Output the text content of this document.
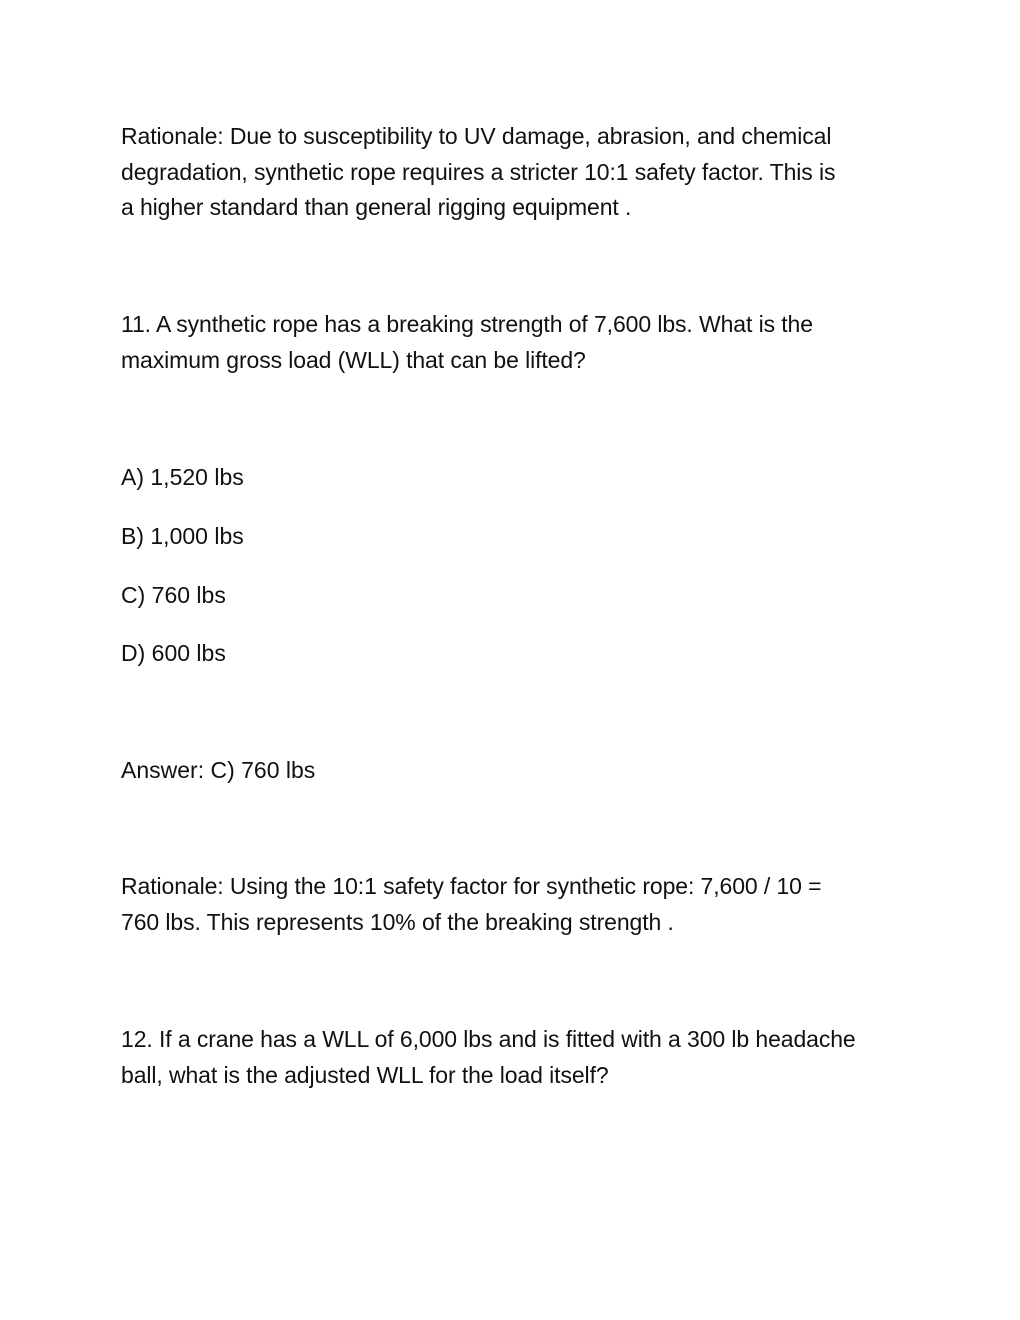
Rationale: Due to susceptibility to UV damage, abrasion, and chemical
degradation, synthetic rope requires a stricter 10:1 safety factor. This is
a higher standard than general rigging equipment .

11. A synthetic rope has a breaking strength of 7,600 lbs. What is the
maximum gross load (WLL) that can be lifted?

A) 1,520 lbs

B) 1,000 lbs

C) 760 lbs

D) 600 lbs

Answer: C) 760 lbs

Rationale: Using the 10:1 safety factor for synthetic rope: 7,600 / 10 =
760 lbs. This represents 10% of the breaking strength .

12. If a crane has a WLL of 6,000 lbs and is fitted with a 300 lb headache
ball, what is the adjusted WLL for the load itself?
